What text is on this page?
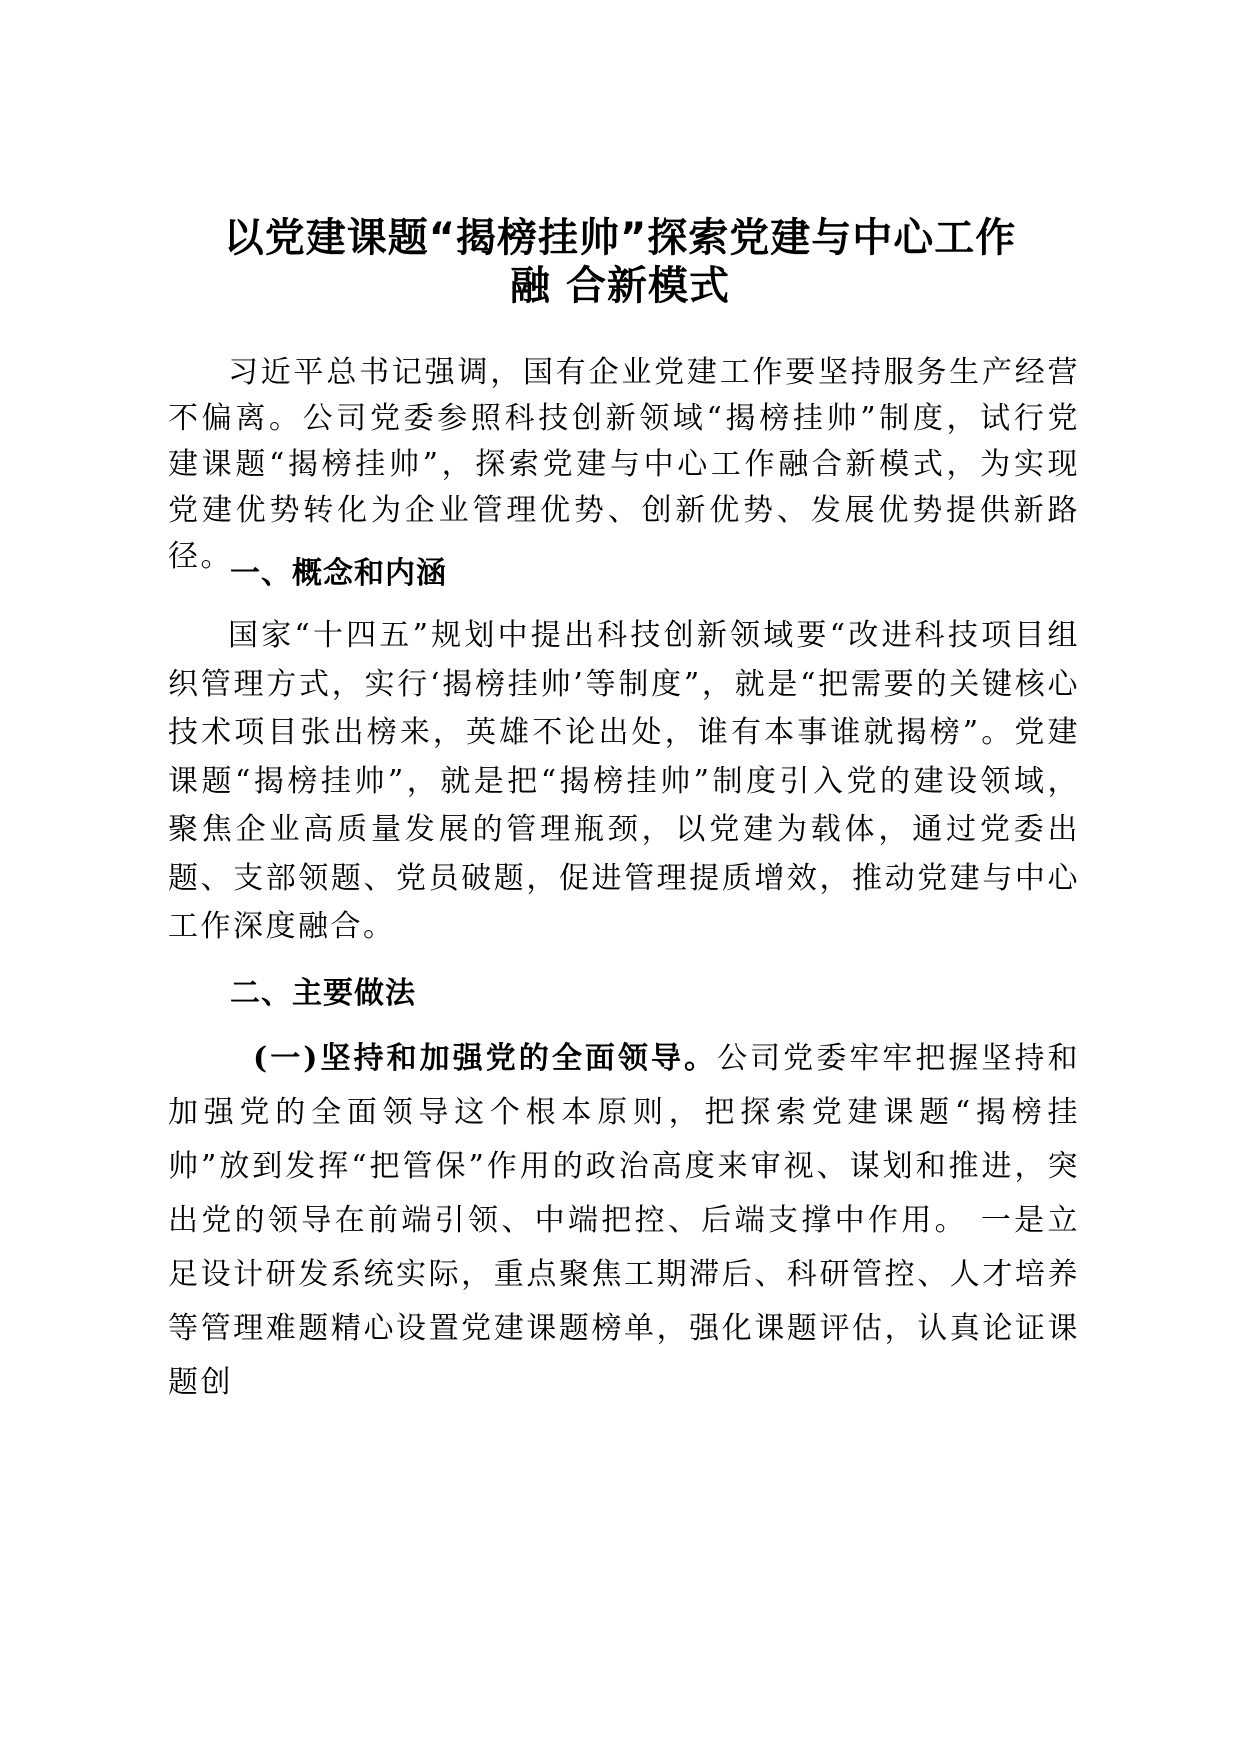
以党建课题“揭榜挂帅”探索党建与中心工作
融 合新模式

习近平总书记强调，国有企业党建工作要坚持服务生产经营不偏离。公司党委参照科技创新领域“揭榜挂帅”制度，试行党建课题“揭榜挂帅”，探索党建与中心工作融合新模式，为实现党建优势转化为企业管理优势、创新优势、发展优势提供新路径。

一、概念和内涵

国家“十四五”规划中提出科技创新领域要“改进科技项目组织管理方式，实行‘揭榜挂帅’等制度”，就是“把需要的关键核心技术项目张出榜来，英雄不论出处，谁有本事谁就揭榜”。党建课题“揭榜挂帅”，就是把“揭榜挂帅”制度引入党的建设领域，聚焦企业高质量发展的管理瓶颈，以党建为载体，通过党委出题、支部领题、党员破题，促进管理提质增效，推动党建与中心工作深度融合。

二、主要做法

(一)坚持和加强党的全面领导。公司党委牢牢把握坚持和加强党的全面领导这个根本原则，把探索党建课题“揭榜挂帅”放到发挥“把管保”作用的政治高度来审视、谋划和推进，突出党的领导在前端引领、中端把控、后端支撑中作用。 一是立足设计研发系统实际，重点聚焦工期滞后、科研管控、人才培养等管理难题精心设置党建课题榜单，强化课题评估，认真论证课题创
